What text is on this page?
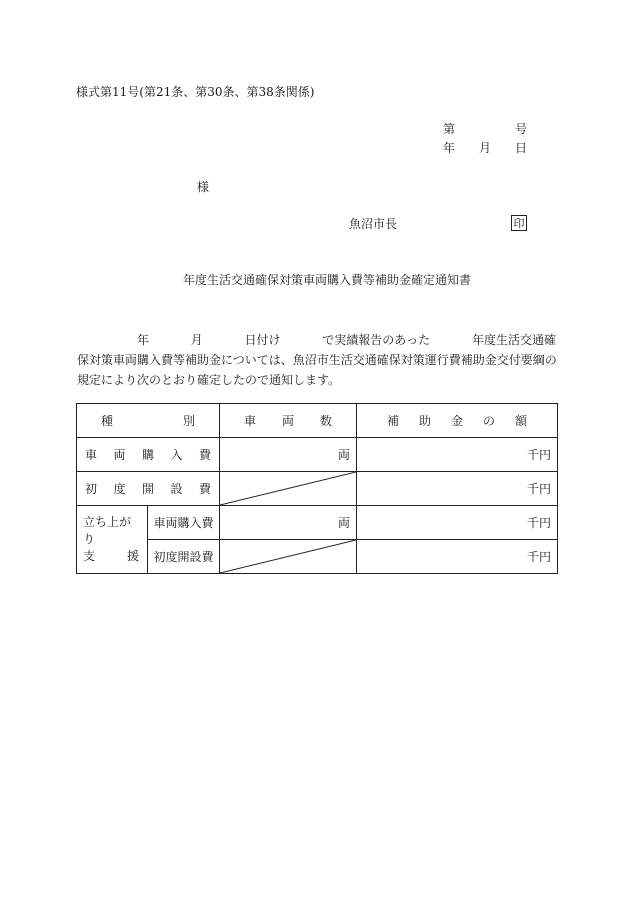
様式第11号(第21条、第30条、第38条関係)
第	号
年 月 日
様
魚沼市長	印
年度生活交通確保対策車両購入費等補助金確定通知書
年	月	日付け	で実績報告のあった	年度生活交通確
保対策車両購入費等補助金については、魚沼市生活交通確保対策運行費補助金交付要綱の
規定により次のとおり確定したので通知します。
種 別		車 両 数	補 助 金 の 額

車 両 購 入 費		両	千円

初 度 開 設 費			千円

立ち上がり
支 援	車両購入費	両	千円
	初度開設費		千円
